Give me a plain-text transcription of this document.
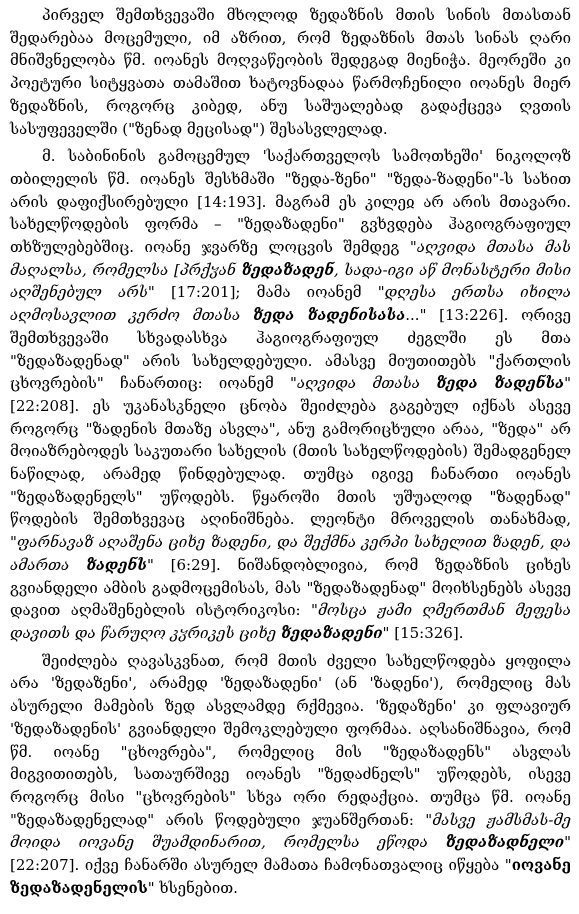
პირველ შემთხვევაში მხოლოდ ზედაზნის მთის სინის მთასთან შედარებაა მოცემული, იმ აზრით, რომ ზედაზნის მთას სინას ღარი მნიშვნელობა წმ. იოანეს მოღვაწეობის შედეგად მიენიჭა. მეორეში კი პოეტური სიტყვათა თამაშით ხატოვნადაა წარმოჩენილი იოანეს მიერ ზედაზნის, როგორც კიბედ, ანუ საშუალებად გადაქცევა ღვთის სასუფეველში ("ზენად მეცისად") შესასვლელად.

მ. საბინინის გამოცემულ 'საქართველოს სამოთხეში' ნიკოლოზ თბილელის წმ. იოანეს შესხმაში "ზედა-ზენი" "ზედა-ზადენი"-ს სახით არის დაფიქსირებული [14:193]. მაგრამ ეს კილეჲ არ არის მთავარი. სახელწოდების ფორმა – "ზედაზადენი" გვხვდება ჰაგიოგრაფიულ თხზულებებშიც. იოანე ჯვარზე ლოცვის შემდეგ "აღვიდა მთასა მას მაღალსა, რომელსა [პრქჳან ზედაზადენ, სადა-იგი აწ მონასტერი მისი აღშენებულ არს" [17:201]; მამა იოანემ "დღესა ერთსა იხილა აღმოსავლით კერძო მთასა ზედა ზადენისასა..." [13:226]. ორივე შემთხვევაში სხვადასხვა ჰაგიოგრაფიულ ძეგლში ეს მთა "ზედაზადენად" არის სახელდებული. ამასვე მიუთითებს "ქართლის ცხოვრების" ჩანართიც: იოანემ "აღვიდა მთასა ზედა ზადენსა" [22:208]. ეს უკანასკნელი ცნობა შეიძლება გაგებულ იქნას ასევე როგორც "ზადენის მთაზე ასვლა", ანუ გამორიცხული არაა, "ზედა" არ მოიაზრებოდეს საკუთარი სახელის (მთის სახელწოდების) შემადგენელ ნაწილად, არამედ წინდებულად. თუმცა იგივე ჩანართი იოანეს "ზედაზადენელს" უწოდებს. წყაროში მთის უშუალოდ "ზადენად" წოდების შემთხვევაც აღინიშნება. ლეონტი მროველის თანახმად, "ფარნავაზ აღაშენა ციხე ზადენი, და შექმნა კერპი სახელით ზადენ, და ამართა ზადენს" [6:29]. ნიშანდობლივია, რომ ზედაზნის ციხეს გვიანდელი ამბის გადმოცემისას, მას "ზედაზადენად" მოიხსენებს ასევე დავით აღმაშენებლის ისტორიკოსი: "მოსცა ჟამი ღმერთმან მეფესა დავითს და წარუღო კჳრიკეს ციხე ზედაზადენი" [15:326].

შეიძლება ღავასკვნათ, რომ მთის ძველი სახელწოდება ყოფილა არა 'ზედაზენი', არამედ 'ზედაზადენი' (ან 'ზადენი'), რომელიც მას ასურელი მამების ზედ ასვლამდე რქმევია. 'ზედაზენი' კი ფლავიურ 'ზედაზადენის' გვიანდელი შემოკლებული ფორმაა. აღსანიშნავია, რომ წმ. იოანე "ცხოვრება", რომელიც მის "ზედაზადენს" ასვლას მიგვითითებს, სათაურშივე იოანეს "ზედაძნელს" უწოდებს, ისევე როგორც მისი "ცხოვრების" სხვა ორი რედაქცია. თუმცა წმ. იოანე "ზედაზადენელად" არის წოდებული ჯუანშერთან: "მასვე ჟამსმას-მე მოიდა იოვანე შუამდინარით, რომელსა ეწოდა ზედაზადნელი" [22:207]. იქვე ჩანარში ასურელ მამათა ჩამონათვალიც იწყება "იოვანე ზედაზადენელის" ხსენებით.
